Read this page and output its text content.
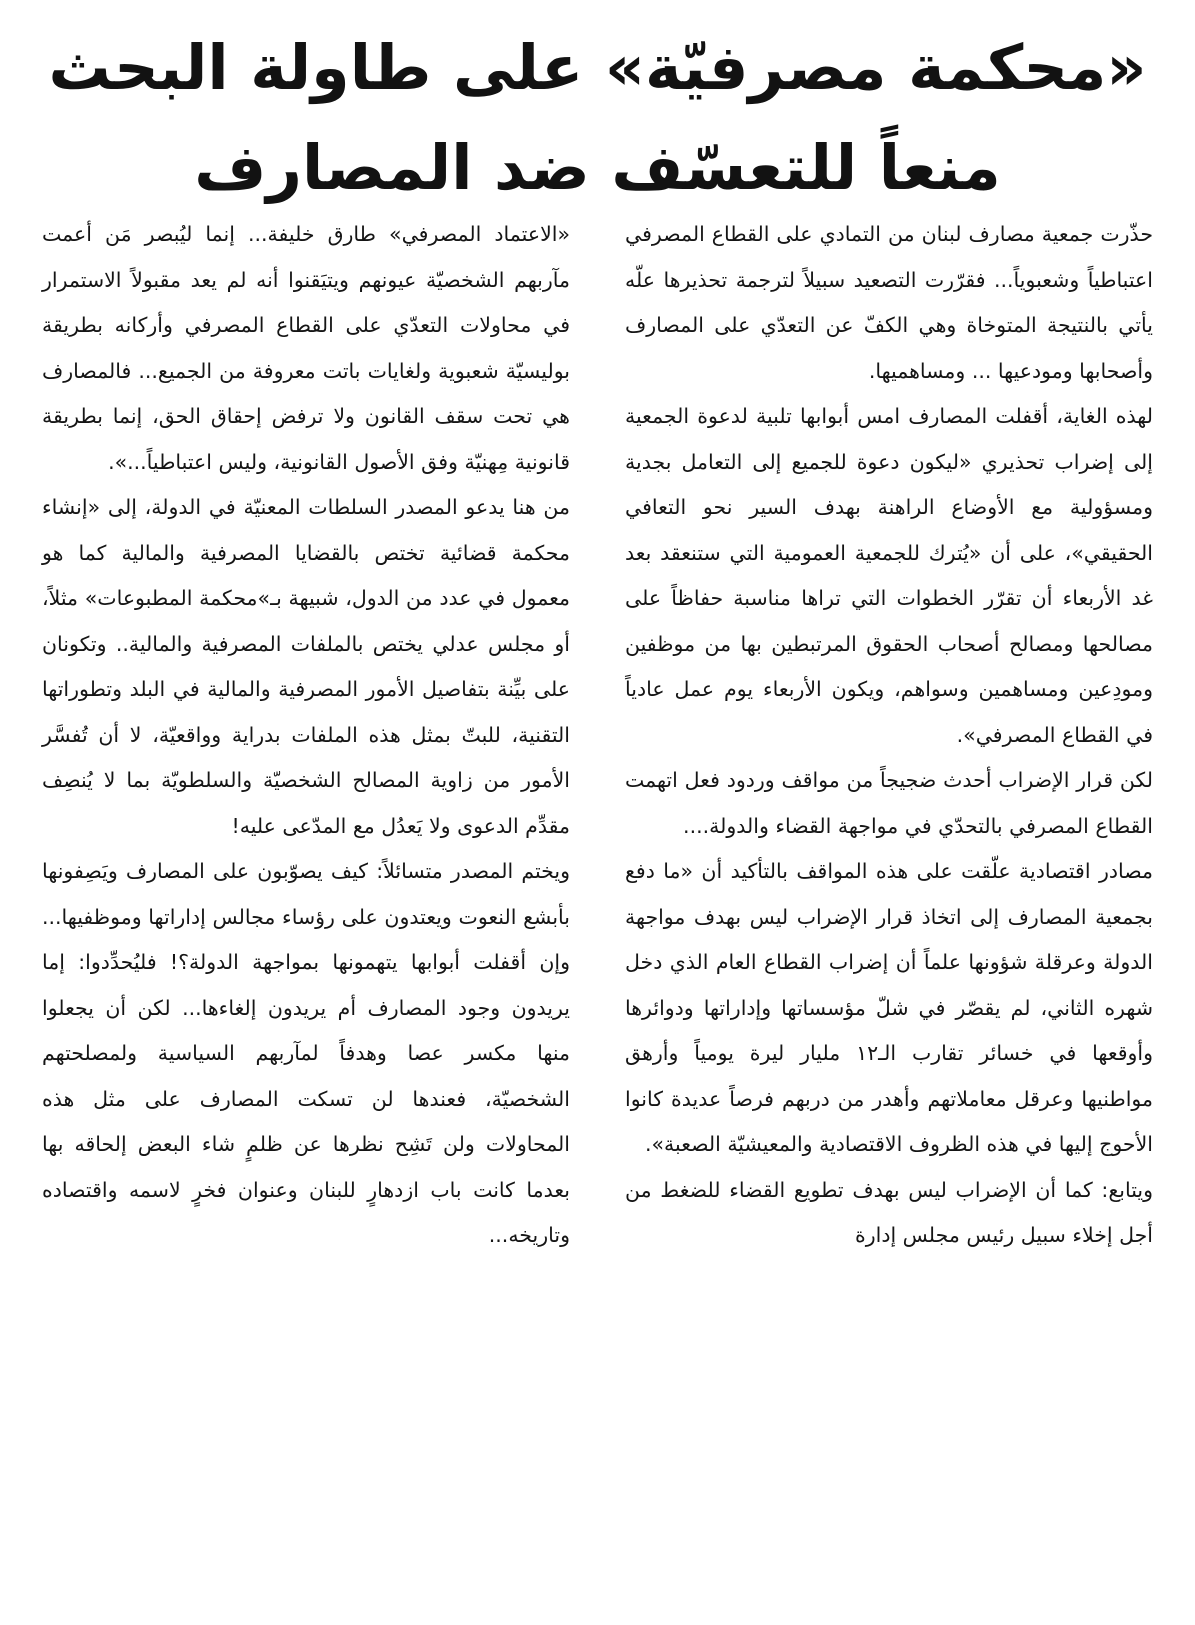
«محكمة مصرفيّة» على طاولة البحث
منعاً للتعسّف ضد المصارف

حذّرت جمعية مصارف لبنان من التمادي على القطاع المصرفي اعتباطياً وشعبوياً... فقرّرت التصعيد سبيلاً لترجمة تحذيرها علّه يأتي بالنتيجة المتوخاة وهي الكفّ عن التعدّي على المصارف وأصحابها ومودعيها ... ومساهميها.

لهذه الغاية، أقفلت المصارف امس أبوابها تلبية لدعوة الجمعية إلى إضراب تحذيري «ليكون دعوة للجميع إلى التعامل بجدية ومسؤولية مع الأوضاع الراهنة بهدف السير نحو التعافي الحقيقي»، على أن «يُترك للجمعية العمومية التي ستنعقد بعد غد الأربعاء أن تقرّر الخطوات التي تراها مناسبة حفاظاً على مصالحها ومصالح أصحاب الحقوق المرتبطين بها من موظفين ومودِعين ومساهمين وسواهم، ويكون الأربعاء يوم عمل عادياً في القطاع المصرفي».

لكن قرار الإضراب أحدث ضجيجاً من مواقف وردود فعل اتهمت القطاع المصرفي بالتحدّي في مواجهة القضاء والدولة....

مصادر اقتصادية علّقت على هذه المواقف بالتأكيد أن «ما دفع بجمعية المصارف إلى اتخاذ قرار الإضراب ليس بهدف مواجهة الدولة وعرقلة شؤونها علماً أن إضراب القطاع العام الذي دخل شهره الثاني، لم يقصّر في شلّ مؤسساتها وإداراتها ودوائرها وأوقعها في خسائر تقارب الـ١٢ مليار ليرة يومياً وأرهق مواطنيها وعرقل معاملاتهم وأهدر من دربهم فرصاً عديدة كانوا الأحوج إليها في هذه الظروف الاقتصادية والمعيشيّة الصعبة».

ويتابع: كما أن الإضراب ليس بهدف تطويع القضاء للضغط من أجل إخلاء سبيل رئيس مجلس إدارة

«الاعتماد المصرفي» طارق خليفة... إنما ليُبصر مَن أعمت مآربهم الشخصيّة عيونهم ويتيَقنوا أنه لم يعد مقبولاً الاستمرار في محاولات التعدّي على القطاع المصرفي وأركانه بطريقة بوليسيّة شعبوية ولغايات باتت معروفة من الجميع... فالمصارف هي تحت سقف القانون ولا ترفض إحقاق الحق، إنما بطريقة قانونية مِهنيّة وفق الأصول القانونية، وليس اعتباطياً...».

من هنا يدعو المصدر السلطات المعنيّة في الدولة، إلى «إنشاء محكمة قضائية تختص بالقضايا المصرفية والمالية كما هو معمول في عدد من الدول، شبيهة بـ»محكمة المطبوعات» مثلاً، أو مجلس عدلي يختص بالملفات المصرفية والمالية.. وتكونان على بيِّنة بتفاصيل الأمور المصرفية والمالية في البلد وتطوراتها التقنية، للبتّ بمثل هذه الملفات بدراية وواقعيّة، لا أن تُفسَّر الأمور من زاوية المصالح الشخصيّة والسلطويّة بما لا يُنصِف مقدِّم الدعوى ولا يَعدُل مع المدّعى عليه!

ويختم المصدر متسائلاً: كيف يصوّبون على المصارف ويَصِفونها بأبشع النعوت ويعتدون على رؤساء مجالس إداراتها وموظفيها... وإن أقفلت أبوابها يتهمونها بمواجهة الدولة؟! فليُحدِّدوا: إما يريدون وجود المصارف أم يريدون إلغاءها... لكن أن يجعلوا منها مكسر عصا وهدفاً لمآربهم السياسية ولمصلحتهم الشخصيّة، فعندها لن تسكت المصارف على مثل هذه المحاولات ولن تَشِح نظرها عن ظلمٍ شاء البعض إلحاقه بها بعدما كانت باب ازدهارٍ للبنان وعنوان فخرٍ لاسمه واقتصاده وتاريخه...
